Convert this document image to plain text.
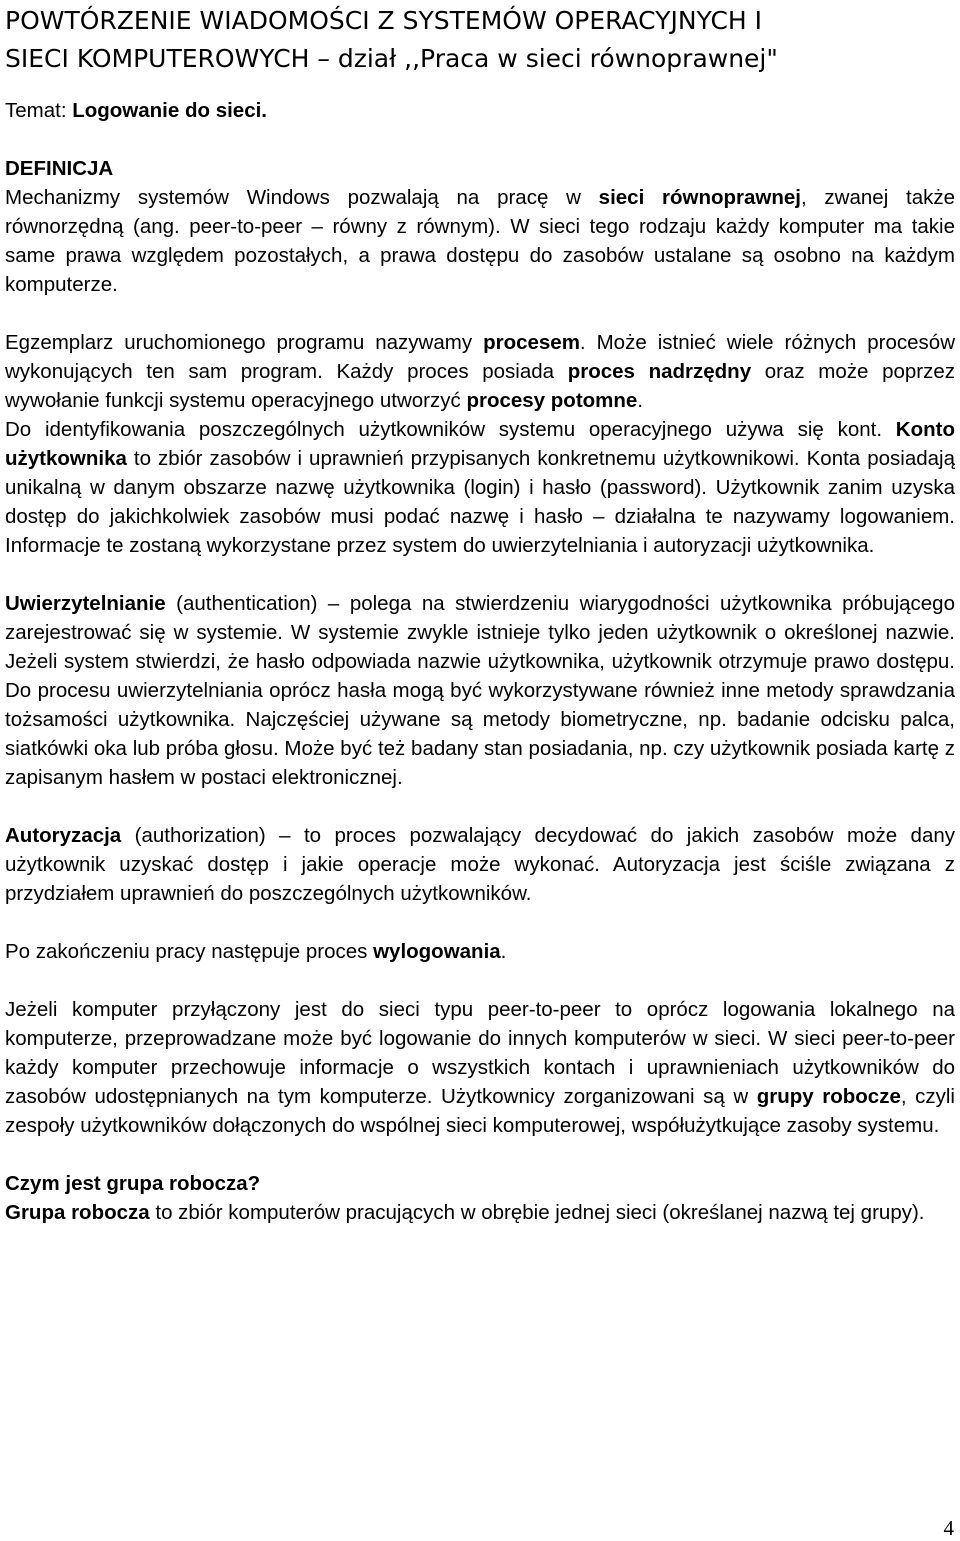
POWTÓRZENIE WIADOMOŚCI Z SYSTEMÓW OPERACYJNYCH I
SIECI KOMPUTEROWYCH – dział ,,Praca w sieci równoprawnej"

Temat: Logowanie do sieci.

DEFINICJA

Mechanizmy systemów Windows pozwalają na pracę w sieci równoprawnej, zwanej także równorzędną (ang. peer-to-peer – równy z równym). W sieci tego rodzaju każdy komputer ma takie same prawa względem pozostałych, a prawa dostępu do zasobów ustalane są osobno na każdym komputerze.

Egzemplarz uruchomionego programu nazywamy procesem. Może istnieć wiele różnych procesów wykonujących ten sam program. Każdy proces posiada proces nadrzędny oraz może poprzez wywołanie funkcji systemu operacyjnego utworzyć procesy potomne.
Do identyfikowania poszczególnych użytkowników systemu operacyjnego używa się kont. Konto użytkownika to zbiór zasobów i uprawnień przypisanych konkretnemu użytkownikowi. Konta posiadają unikalną w danym obszarze nazwę użytkownika (login) i hasło (password). Użytkownik zanim uzyska dostęp do jakichkolwiek zasobów musi podać nazwę i hasło – działalna te nazywamy logowaniem. Informacje te zostaną wykorzystane przez system do uwierzytelniania i autoryzacji użytkownika.

Uwierzytelnianie (authentication) – polega na stwierdzeniu wiarygodności użytkownika próbującego zarejestrować się w systemie. W systemie zwykle istnieje tylko jeden użytkownik o określonej nazwie. Jeżeli system stwierdzi, że hasło odpowiada nazwie użytkownika, użytkownik otrzymuje prawo dostępu. Do procesu uwierzytelniania oprócz hasła mogą być wykorzystywane również inne metody sprawdzania tożsamości użytkownika. Najczęściej używane są metody biometryczne, np. badanie odcisku palca, siatkówki oka lub próba głosu. Może być też badany stan posiadania, np. czy użytkownik posiada kartę z zapisanym hasłem w postaci elektronicznej.

Autoryzacja (authorization) – to proces pozwalający decydować do jakich zasobów może dany użytkownik uzyskać dostęp i jakie operacje może wykonać. Autoryzacja jest ściśle związana z przydziałem uprawnień do poszczególnych użytkowników.

Po zakończeniu pracy następuje proces wylogowania.

Jeżeli komputer przyłączony jest do sieci typu peer-to-peer to oprócz logowania lokalnego na komputerze, przeprowadzane może być logowanie do innych komputerów w sieci. W sieci peer-to-peer każdy komputer przechowuje informacje o wszystkich kontach i uprawnieniach użytkowników do zasobów udostępnianych na tym komputerze. Użytkownicy zorganizowani są w grupy robocze, czyli zespoły użytkowników dołączonych do wspólnej sieci komputerowej, współużytkujące zasoby systemu.

Czym jest grupa robocza?

Grupa robocza to zbiór komputerów pracujących w obrębie jednej sieci (określanej nazwą tej grupy).

4
